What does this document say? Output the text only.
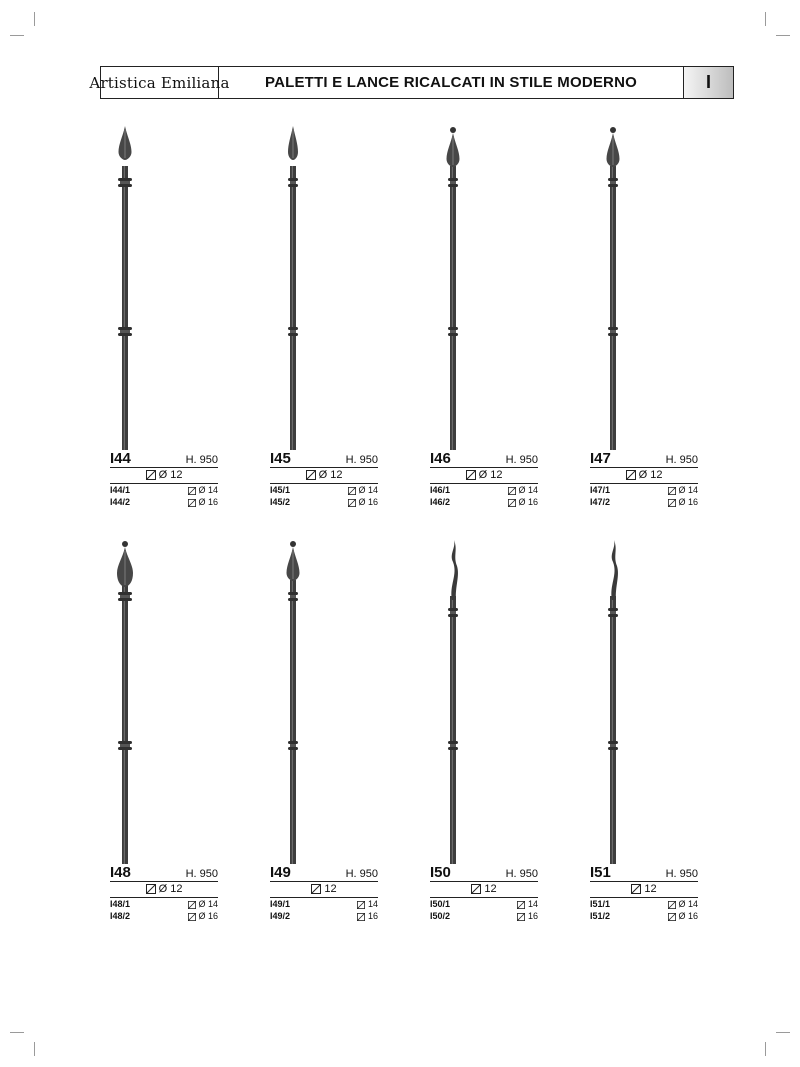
Artistica Emiliana	PALETTI E LANCE RICALCATI IN STILE MODERNO	I
I44	H. 950
Ø 12
I44/1	Ø 14
I44/2	Ø 16
I45	H. 950
Ø 12
I45/1	Ø 14
I45/2	Ø 16
I46	H. 950
Ø 12
I46/1	Ø 14
I46/2	Ø 16
I47	H. 950
Ø 12
I47/1	Ø 14
I47/2	Ø 16
I48	H. 950
Ø 12
I48/1	Ø 14
I48/2	Ø 16
I49	H. 950
12
I49/1	14
I49/2	16
I50	H. 950
12
I50/1	14
I50/2	16
I51	H. 950
12
I51/1	Ø 14
I51/2	Ø 16
